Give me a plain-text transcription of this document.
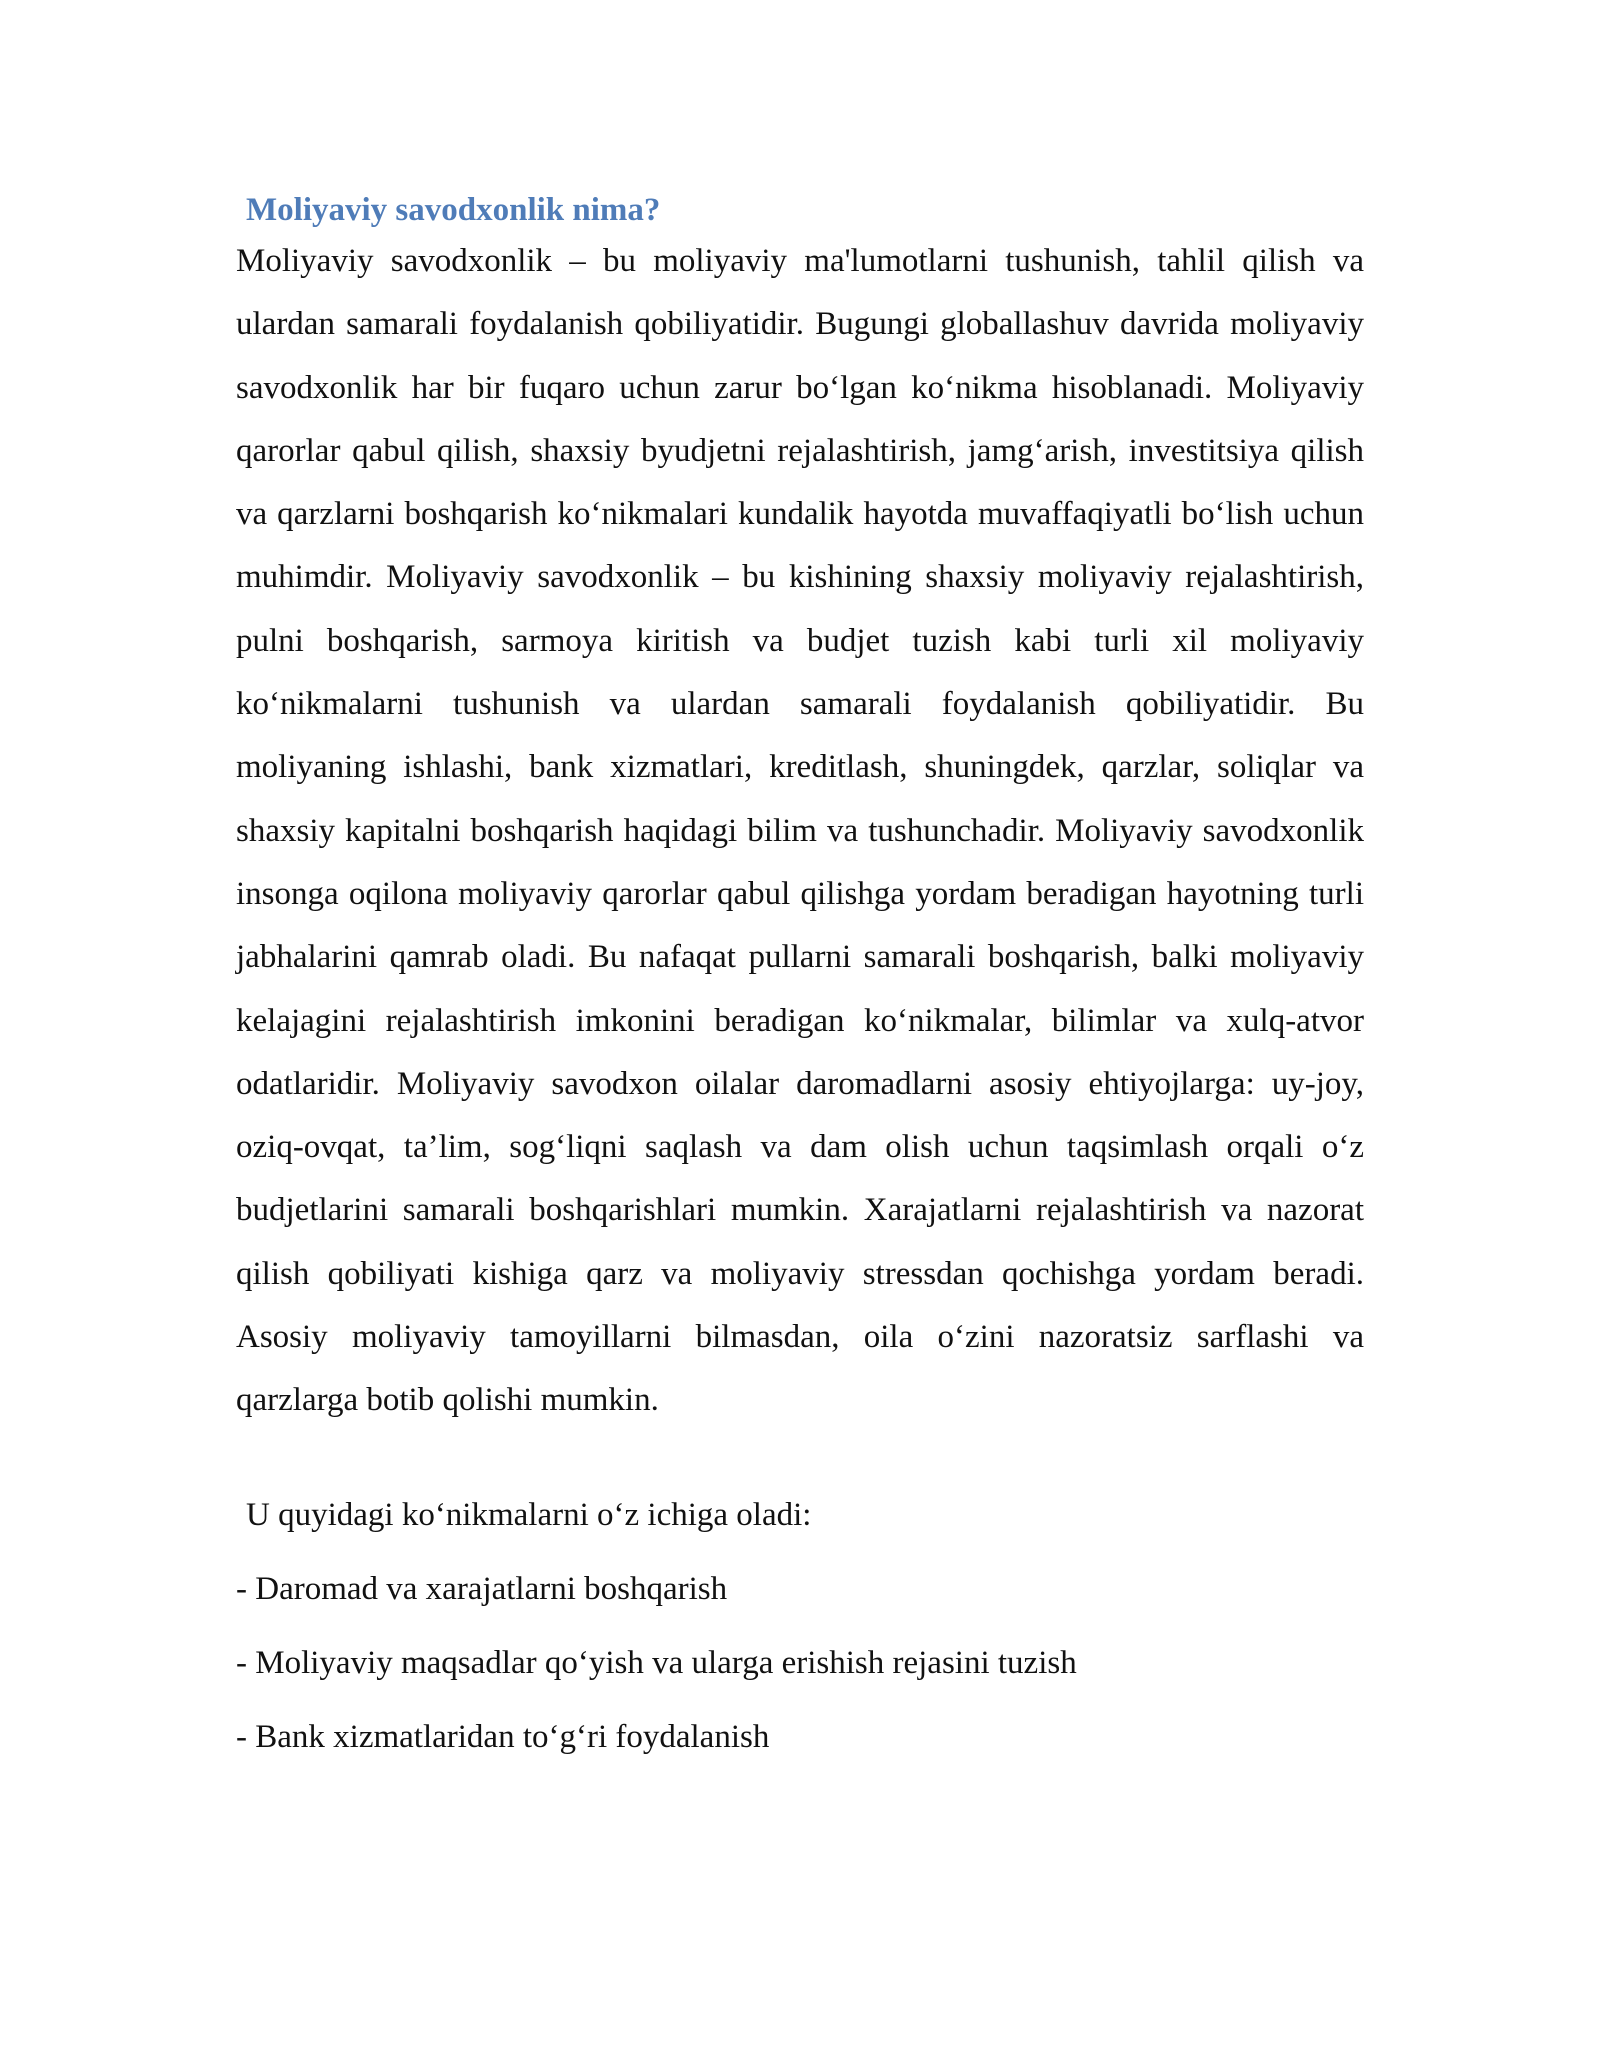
Moliyaviy savodxonlik nima?

Moliyaviy savodxonlik – bu moliyaviy ma'lumotlarni tushunish, tahlil qilish va ulardan samarali foydalanish qobiliyatidir. Bugungi globallashuv davrida moliyaviy savodxonlik har bir fuqaro uchun zarur bo‘lgan ko‘nikma hisoblanadi. Moliyaviy qarorlar qabul qilish, shaxsiy byudjetni rejalashtirish, jamg‘arish, investitsiya qilish va qarzlarni boshqarish ko‘nikmalari kundalik hayotda muvaffaqiyatli bo‘lish uchun muhimdir. Moliyaviy savodxonlik – bu kishining shaxsiy moliyaviy rejalashtirish, pulni boshqarish, sarmoya kiritish va budjet tuzish kabi turli xil moliyaviy ko‘nikmalarni tushunish va ulardan samarali foydalanish qobiliyatidir. Bu moliyaning ishlashi, bank xizmatlari, kreditlash, shuningdek, qarzlar, soliqlar va shaxsiy kapitalni boshqarish haqidagi bilim va tushunchadir. Moliyaviy savodxonlik insonga oqilona moliyaviy qarorlar qabul qilishga yordam beradigan hayotning turli jabhalarini qamrab oladi. Bu nafaqat pullarni samarali boshqarish, balki moliyaviy kelajagini rejalashtirish imkonini beradigan ko‘nikmalar, bilimlar va xulq-atvor odatlaridir. Moliyaviy savodxon oilalar daromadlarni asosiy ehtiyojlarga: uy-joy, oziq-ovqat, ta’lim, sog‘liqni saqlash va dam olish uchun taqsimlash orqali o‘z budjetlarini samarali boshqarishlari mumkin. Xarajatlarni rejalashtirish va nazorat qilish qobiliyati kishiga qarz va moliyaviy stressdan qochishga yordam beradi. Asosiy moliyaviy tamoyillarni bilmasdan, oila o‘zini nazoratsiz sarflashi va qarzlarga botib qolishi mumkin.

U quyidagi ko‘nikmalarni o‘z ichiga oladi:

- Daromad va xarajatlarni boshqarish
- Moliyaviy maqsadlar qo‘yish va ularga erishish rejasini tuzish
- Bank xizmatlaridan to‘g‘ri foydalanish
